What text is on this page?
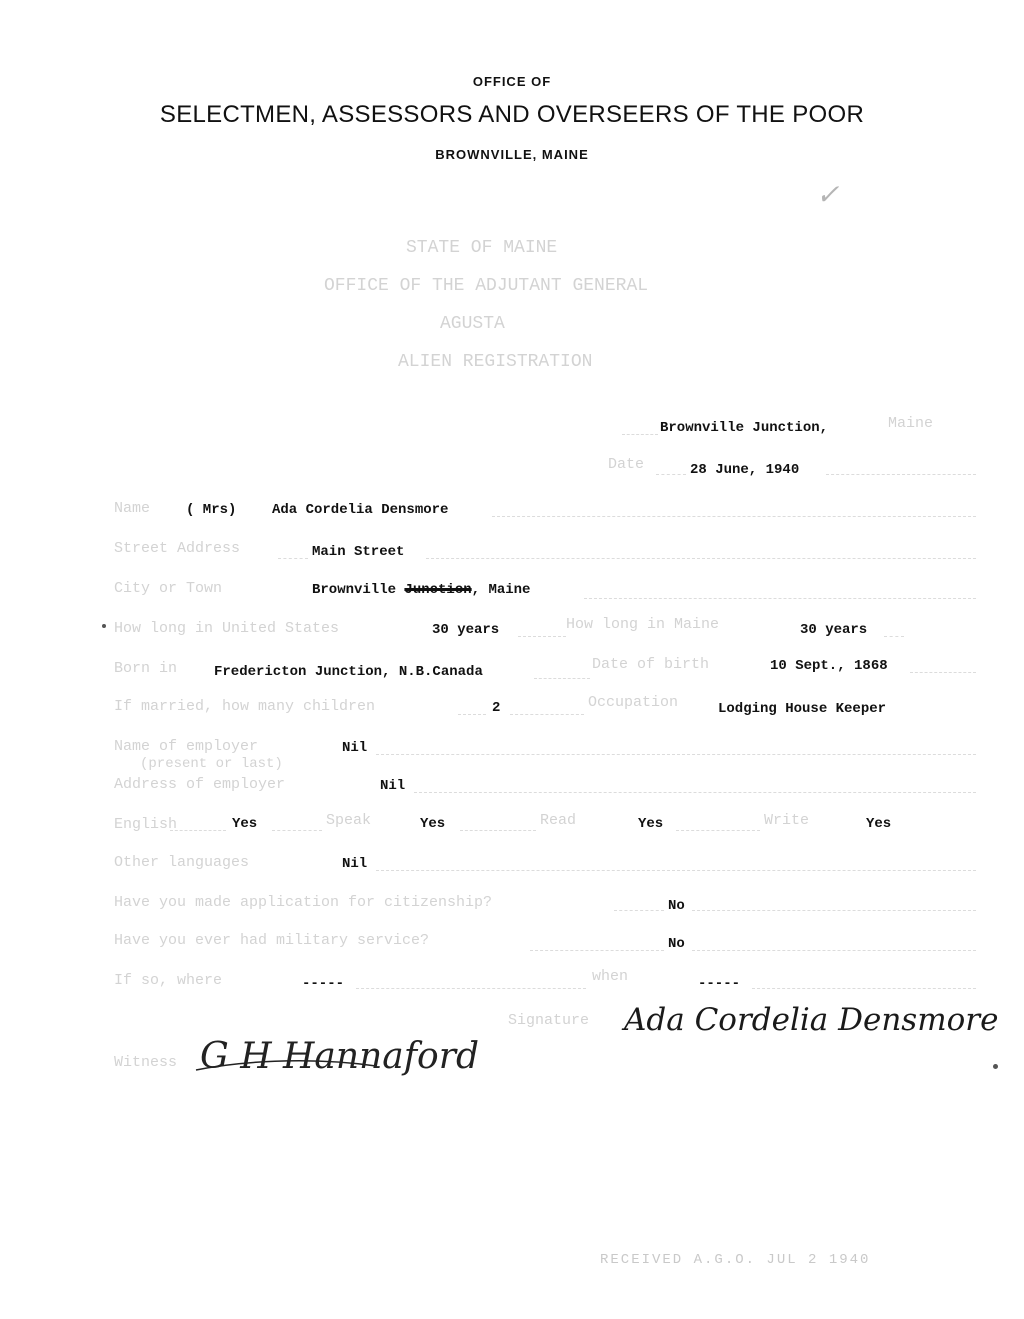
OFFICE OF
SELECTMEN, ASSESSORS AND OVERSEERS OF THE POOR
BROWNVILLE, MAINE
✓
STATE OF MAINE
OFFICE OF THE ADJUTANT GENERAL
AGUSTA
ALIEN REGISTRATION
Brownville Junction,	Maine
Date	28 June, 1940
Name	( Mrs)	Ada Cordelia Densmore
Street Address	Main Street
City or Town	Brownville Junction, Maine
How long in United States	30 years	How long in Maine	30 years
Born in	Fredericton Junction, N.B.Canada	Date of birth	10 Sept., 1868
If married, how many children	2	Occupation	Lodging House Keeper
Name of employer	Nil
(present or last)
Address of employer	Nil
English	Yes	Speak	Yes	Read	Yes	Write	Yes
Other languages	Nil
Have you made application for citizenship?	No
Have you ever had military service?	No
If so, where	-----	when	-----
Signature Ada Cordelia Densmore
Witness G H Hannaford
RECEIVED A.G.O. JUL 2 1940
